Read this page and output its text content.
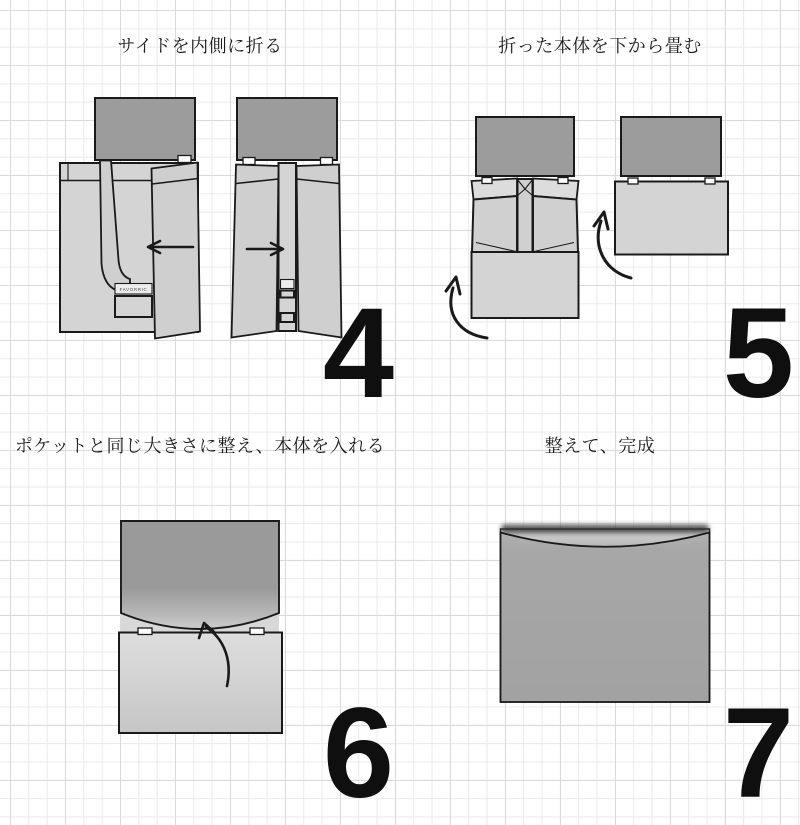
サイドを内側に折る
FAVORRIC 4
折った本体を下から畳む
5
ポケットと同じ大きさに整え、本体を入れる
6
整えて、完成
7
